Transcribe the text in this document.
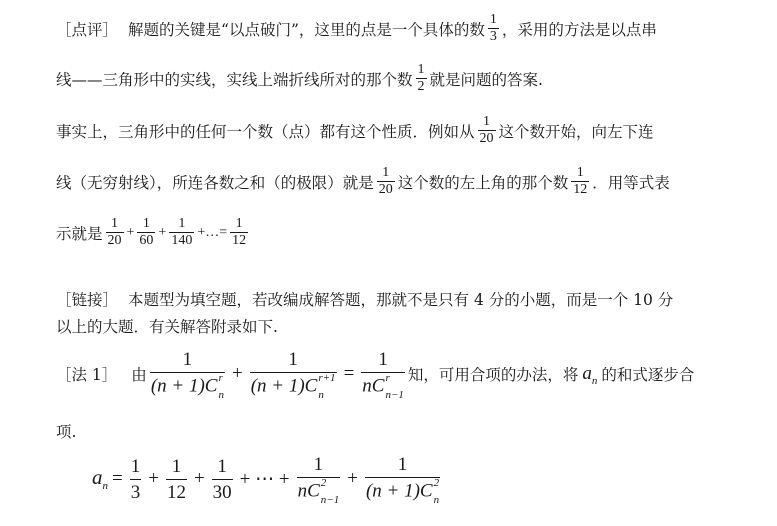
［点评］ 解题的关键是“以点破门”，这里的点是一个具体的数 $\frac{1}{3}$ ，采用的方法是以点串
线——三角形中的实线，实线上端折线所对的那个数 $\frac{1}{2}$ 就是问题的答案.
事实上，三角形中的任何一个数（点）都有这个性质．例如从 $\frac{1}{20}$ 这个数开始，向左下连
线（无穷射线），所连各数之和（的极限）就是 $\frac{1}{20}$ 这个数的左上角的那个数 $\frac{1}{12}$ ．用等式表
示就是 $\frac{1}{20} + \frac{1}{60} + \frac{1}{140}$ +…= $\frac{1}{12}$
［链接］ 本题型为填空题，若改编成解答题，那就不是只有 4 分的小题，而是一个 10 分
以上的大题．有关解答附录如下.
［法 1］ 由 1
(n + 1)C r
n + 1
(n + 1)C r+1
n = 1
nC r
n−1 知，可用合项的办法，将 $a_n$ 的和式逐步合
项.
$a_n = \frac{1}{3} + \frac{1}{12} + \frac{1}{30}$ + ⋯ + 1
nC 2
n−1 + 1
(n + 1)C 2
n
